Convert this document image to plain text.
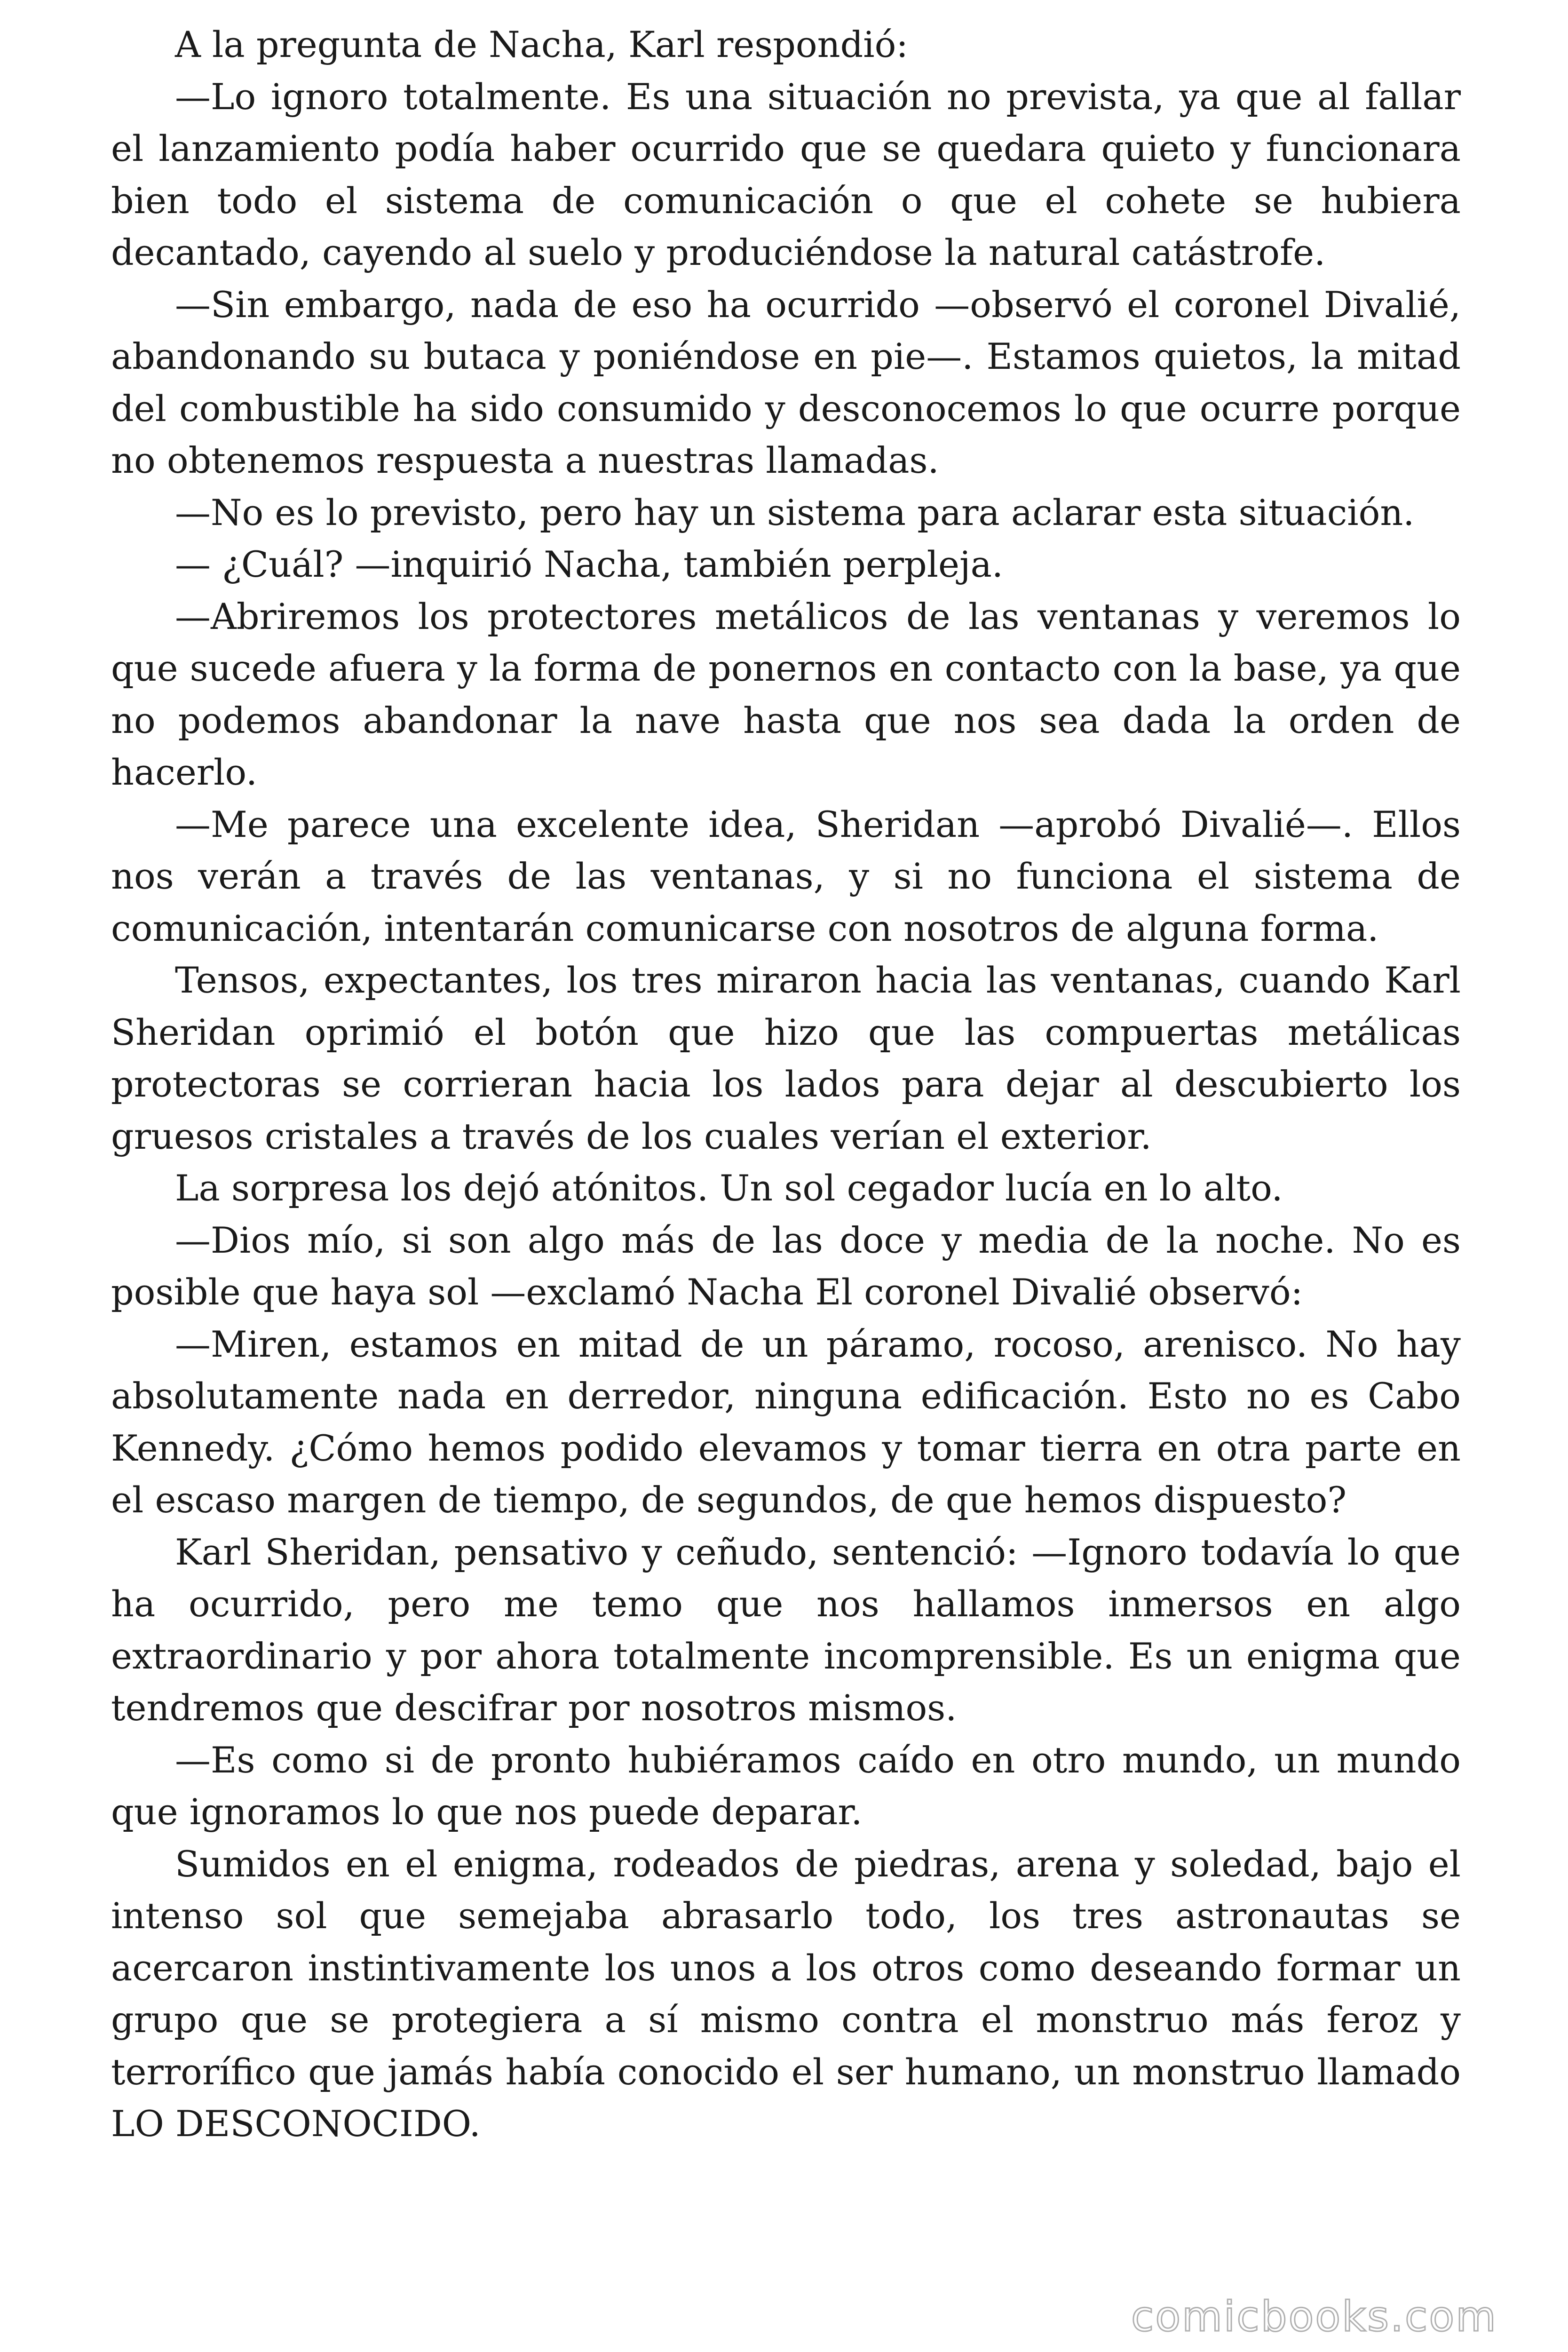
A la pregunta de Nacha, Karl respondió:

—Lo ignoro totalmente. Es una situación no prevista, ya que al fallar el lanzamiento podía haber ocurrido que se quedara quieto y funcionara bien todo el sistema de comunicación o que el cohete se hubiera decantado, cayendo al suelo y produciéndose la natural catástrofe.

—Sin embargo, nada de eso ha ocurrido —observó el coronel Divalié, abandonando su butaca y poniéndose en pie—. Estamos quietos, la mitad del combustible ha sido consumido y desconocemos lo que ocurre porque no obtenemos respuesta a nuestras llamadas.

—No es lo previsto, pero hay un sistema para aclarar esta situación.

— ¿Cuál? —inquirió Nacha, también perpleja.

—Abriremos los protectores metálicos de las ventanas y veremos lo que sucede afuera y la forma de ponernos en contacto con la base, ya que no podemos abandonar la nave hasta que nos sea dada la orden de hacerlo.

—Me parece una excelente idea, Sheridan —aprobó Divalié—. Ellos nos verán a través de las ventanas, y si no funciona el sistema de comunicación, intentarán comunicarse con nosotros de alguna forma.

Tensos, expectantes, los tres miraron hacia las ventanas, cuando Karl Sheridan oprimió el botón que hizo que las compuertas metálicas protectoras se corrieran hacia los lados para dejar al descubierto los gruesos cristales a través de los cuales verían el exterior.

La sorpresa los dejó atónitos. Un sol cegador lucía en lo alto.

—Dios mío, si son algo más de las doce y media de la noche. No es posible que haya sol —exclamó Nacha El coronel Divalié observó:

—Miren, estamos en mitad de un páramo, rocoso, arenisco. No hay absolutamente nada en derredor, ninguna edificación. Esto no es Cabo Kennedy. ¿Cómo hemos podido elevamos y tomar tierra en otra parte en el escaso margen de tiempo, de segundos, de que hemos dispuesto?

Karl Sheridan, pensativo y ceñudo, sentenció: —Ignoro todavía lo que ha ocurrido, pero me temo que nos hallamos inmersos en algo extraordinario y por ahora totalmente incomprensible. Es un enigma que tendremos que descifrar por nosotros mismos.

—Es como si de pronto hubiéramos caído en otro mundo, un mundo que ignoramos lo que nos puede deparar.

Sumidos en el enigma, rodeados de piedras, arena y soledad, bajo el intenso sol que semejaba abrasarlo todo, los tres astronautas se acercaron instintivamente los unos a los otros como deseando formar un grupo que se protegiera a sí mismo contra el monstruo más feroz y terrorífico que jamás había conocido el ser humano, un monstruo llamado LO DESCONOCIDO.

comicbooks.com
